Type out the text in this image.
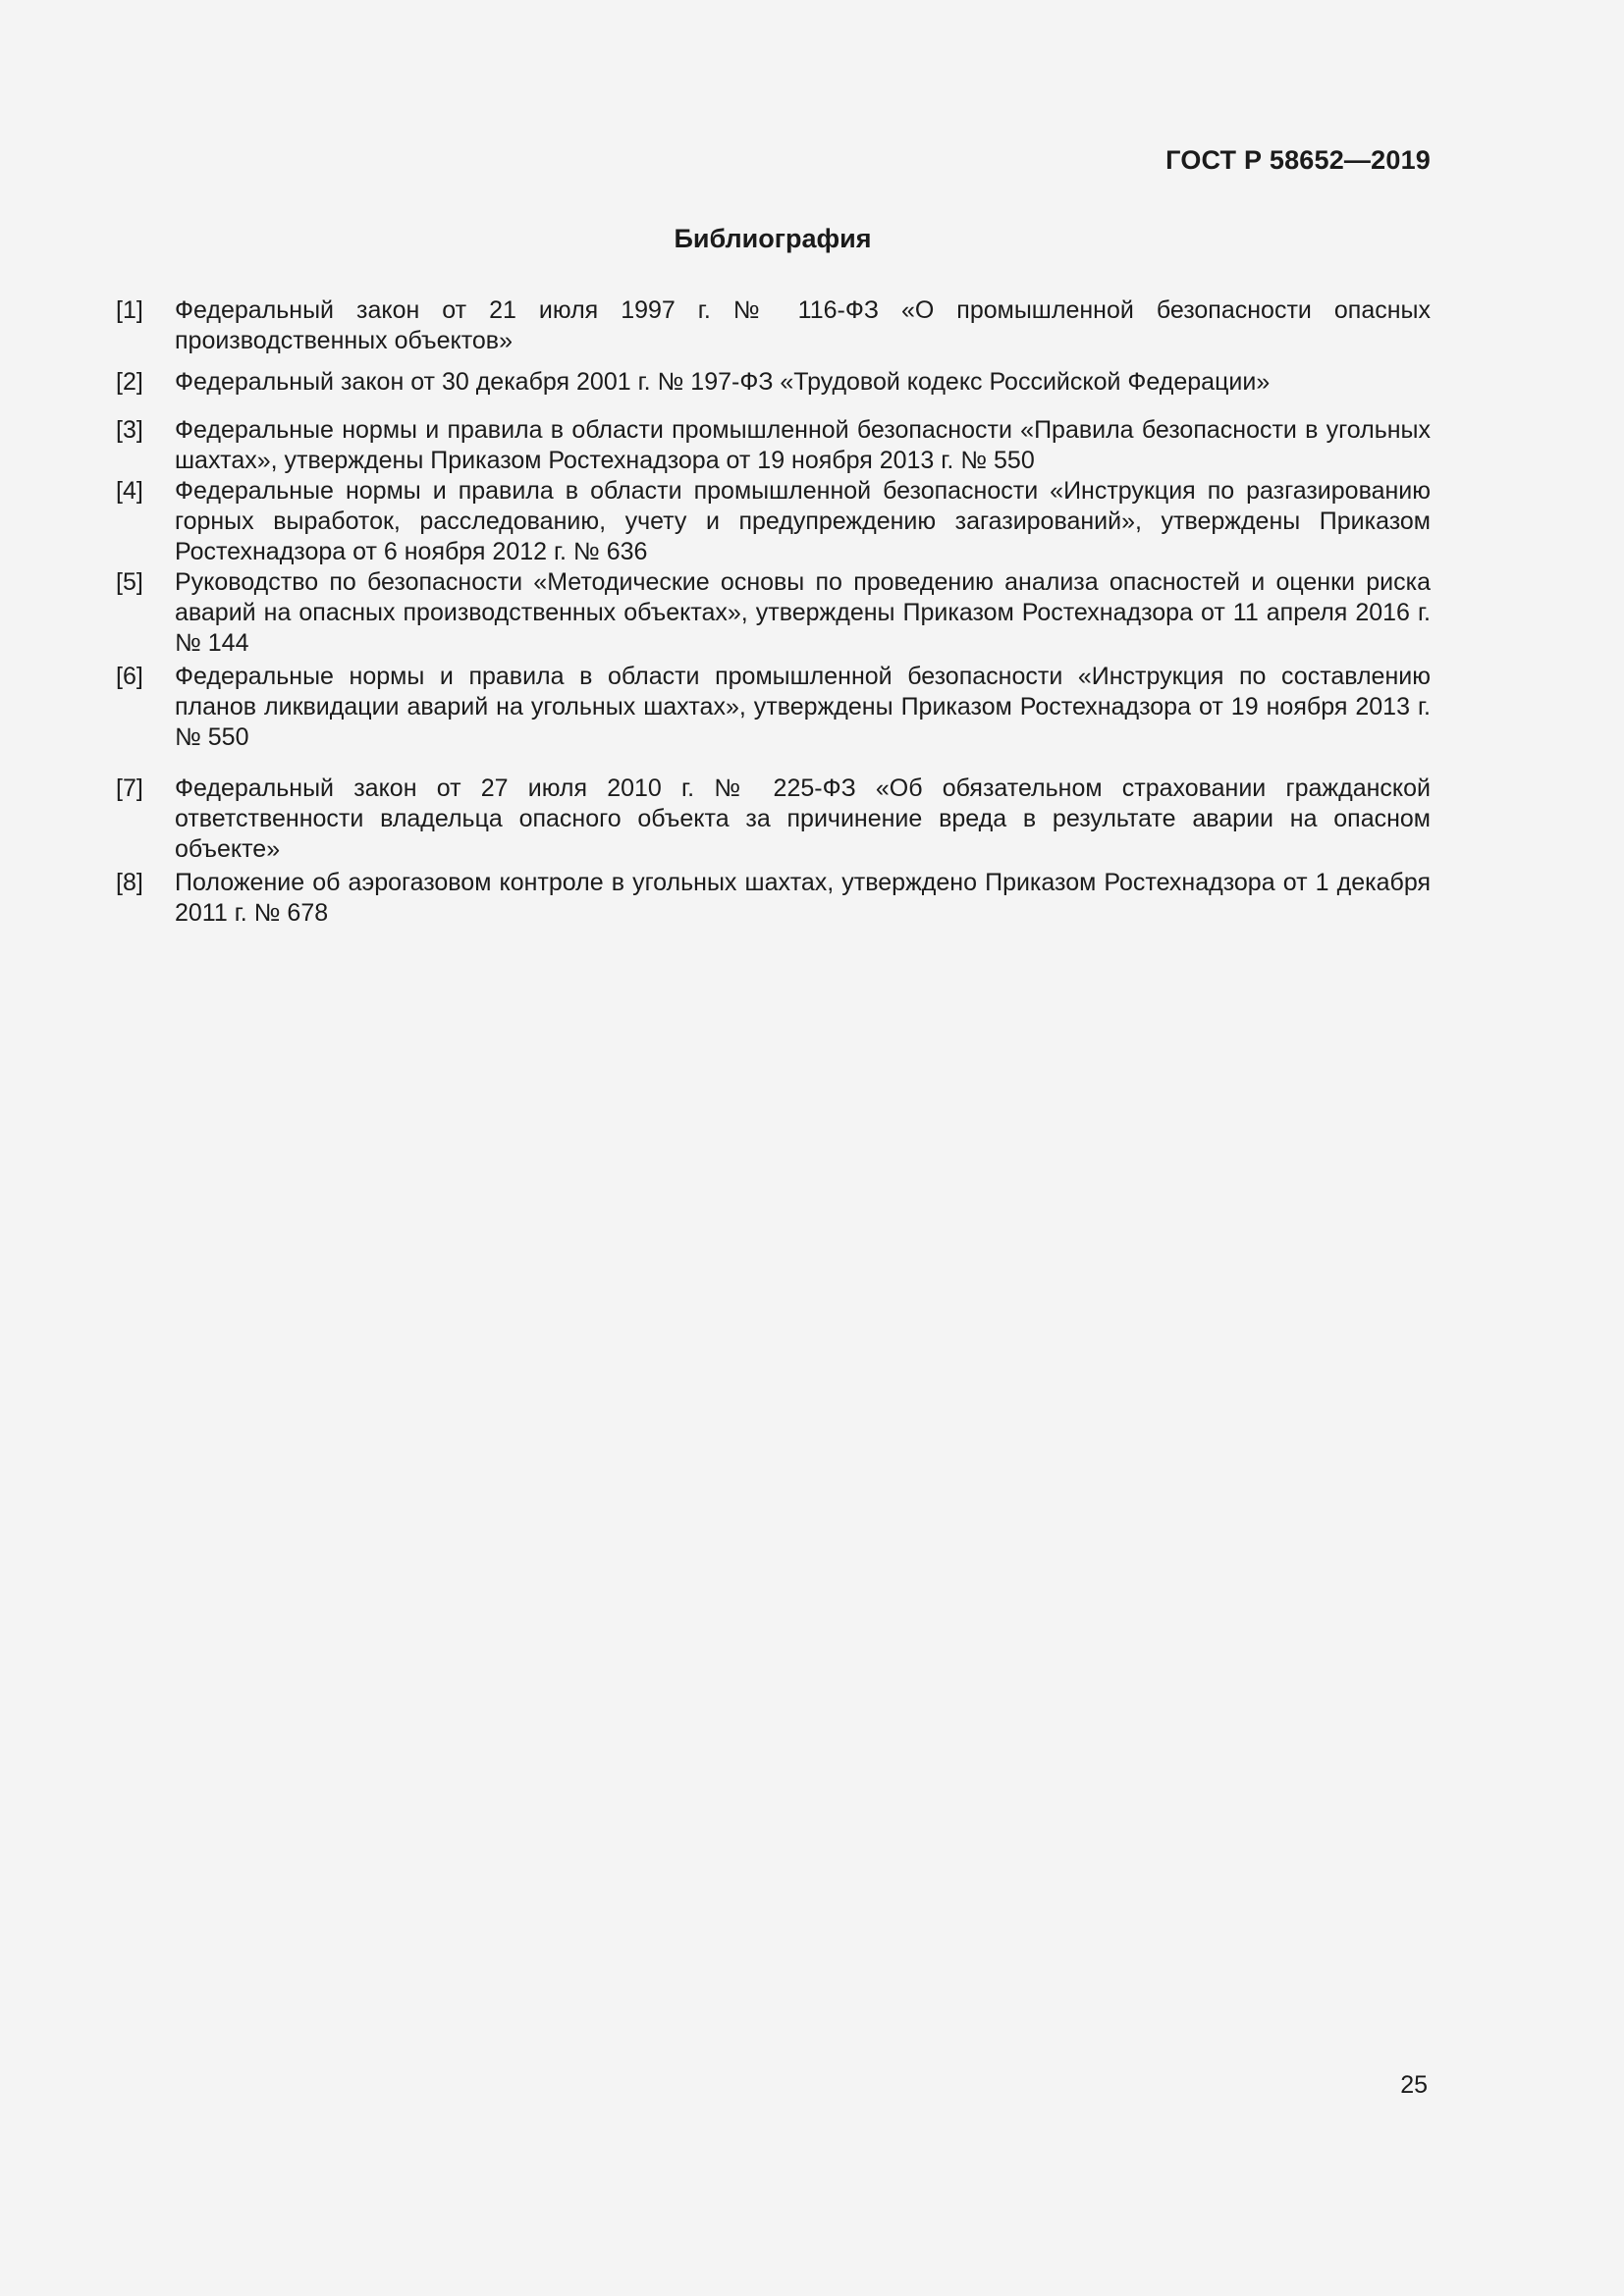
ГОСТ Р 58652—2019
Библиография
[1]	Федеральный закон от 21 июля 1997 г. № 116-ФЗ «О промышленной безопасности опасных производственных объектов»
[2]	Федеральный закон от 30 декабря 2001 г. № 197-ФЗ «Трудовой кодекс Российской Федерации»
[3]	Федеральные нормы и правила в области промышленной безопасности «Правила безопасности в угольных шахтах», утверждены Приказом Ростехнадзора от 19 ноября 2013 г. № 550
[4]	Федеральные нормы и правила в области промышленной безопасности «Инструкция по разгазированию горных выработок, расследованию, учету и предупреждению загазирований», утверждены Приказом Ростехнадзора от 6 ноября 2012 г. № 636
[5]	Руководство по безопасности «Методические основы по проведению анализа опасностей и оценки риска аварий на опасных производственных объектах», утверждены Приказом Ростехнадзора от 11 апреля 2016 г. № 144
[6]	Федеральные нормы и правила в области промышленной безопасности «Инструкция по составлению планов ликвидации аварий на угольных шахтах», утверждены Приказом Ростехнадзора от 19 ноября 2013 г. № 550
[7]	Федеральный закон от 27 июля 2010 г. № 225-ФЗ «Об обязательном страховании гражданской ответственности владельца опасного объекта за причинение вреда в результате аварии на опасном объекте»
[8]	Положение об аэрогазовом контроле в угольных шахтах, утверждено Приказом Ростехнадзора от 1 декабря 2011 г. № 678
25
